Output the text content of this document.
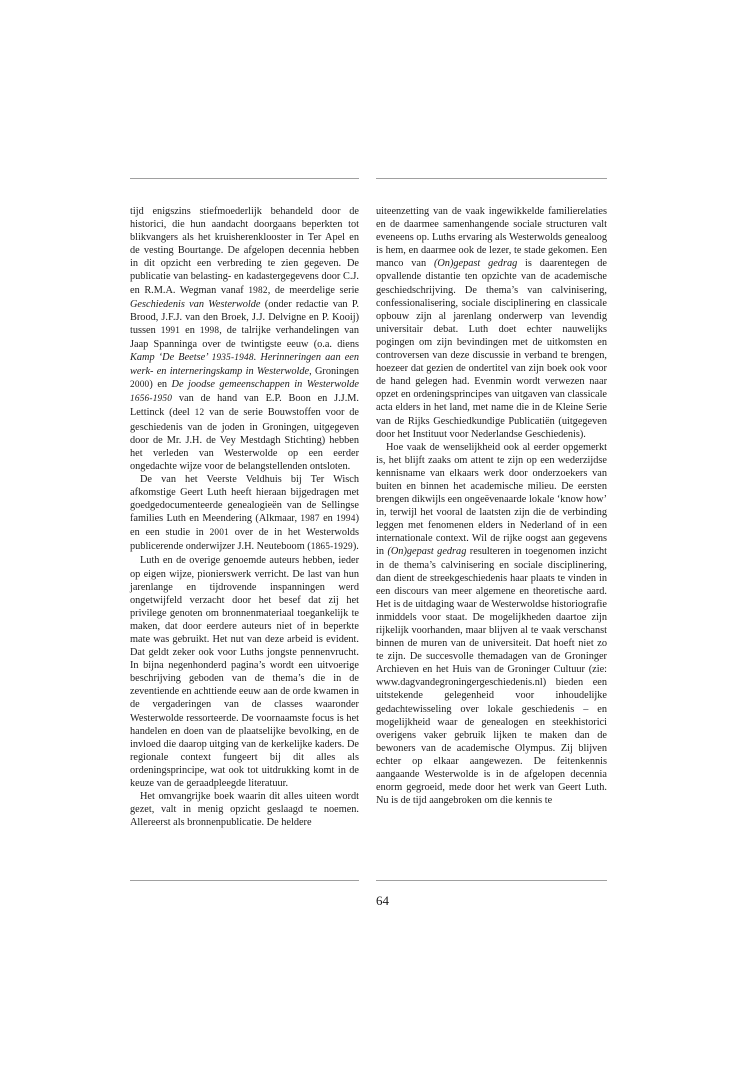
tijd enigszins stiefmoederlijk behandeld door de historici, die hun aandacht doorgaans beperkten tot blikvangers als het kruisherenklooster in Ter Apel en de vesting Bourtange. De afgelopen decennia hebben in dit opzicht een verbreding te zien gegeven. De publicatie van belasting- en kadastergegevens door C.J. en R.M.A. Wegman vanaf 1982, de meerdelige serie Geschiedenis van Westerwolde (onder redactie van P. Brood, J.F.J. van den Broek, J.J. Delvigne en P. Kooij) tussen 1991 en 1998, de talrijke verhandelingen van Jaap Spanninga over de twintigste eeuw (o.a. diens Kamp ‘De Beetse’ 1935-1948. Herinneringen aan een werk- en interneringskamp in Westerwolde, Groningen 2000) en De joodse gemeenschappen in Westerwolde 1656-1950 van de hand van E.P. Boon en J.J.M. Lettinck (deel 12 van de serie Bouwstoffen voor de geschiedenis van de joden in Groningen, uitgegeven door de Mr. J.H. de Vey Mestdagh Stichting) hebben het verleden van Westerwolde op een eerder ongedachte wijze voor de belangstellenden ontsloten.

De van het Veerste Veldhuis bij Ter Wisch afkomstige Geert Luth heeft hieraan bijgedragen met goedgedocumenteerde genealogieën van de Sellingse families Luth en Meendering (Alkmaar, 1987 en 1994) en een studie in 2001 over de in het Westerwolds publicerende onderwijzer J.H. Neuteboom (1865-1929).

Luth en de overige genoemde auteurs hebben, ieder op eigen wijze, pionierswerk verricht. De last van hun jarenlange en tijdrovende inspanningen werd ongetwijfeld verzacht door het besef dat zij het privilege genoten om bronnenmateriaal toegankelijk te maken, dat door eerdere auteurs niet of in beperkte mate was gebruikt. Het nut van deze arbeid is evident. Dat geldt zeker ook voor Luths jongste pennenvrucht. In bijna negenhonderd pagina’s wordt een uitvoerige beschrijving geboden van de thema’s die in de zeventiende en achttiende eeuw aan de orde kwamen in de vergaderingen van de classes waaronder Westerwolde ressorteerde. De voornaamste focus is het handelen en doen van de plaatselijke bevolking, en de invloed die daarop uitging van de kerkelijke kaders. De regionale context fungeert bij dit alles als ordeningsprincipe, wat ook tot uitdrukking komt in de keuze van de geraadpleegde literatuur.

Het omvangrijke boek waarin dit alles uiteen wordt gezet, valt in menig opzicht geslaagd te noemen. Allereerst als bronnenpublicatie. De heldere

uiteenzetting van de vaak ingewikkelde familierelaties en de daarmee samenhangende sociale structuren valt eveneens op. Luths ervaring als Westerwolds genealoog is hem, en daarmee ook de lezer, te stade gekomen. Een manco van (On)gepast gedrag is daarentegen de opvallende distantie ten opzichte van de academische geschiedschrijving. De thema’s van calvinisering, confessionalisering, sociale disciplinering en classicale opbouw zijn al jarenlang onderwerp van levendig universitair debat. Luth doet echter nauwelijks pogingen om zijn bevindingen met de uitkomsten en controversen van deze discussie in verband te brengen, hoezeer dat gezien de ondertitel van zijn boek ook voor de hand gelegen had. Evenmin wordt verwezen naar opzet en ordeningsprincipes van uitgaven van classicale acta elders in het land, met name die in de Kleine Serie van de Rijks Geschiedkundige Publicatiën (uitgegeven door het Instituut voor Nederlandse Geschiedenis).

Hoe vaak de wenselijkheid ook al eerder opgemerkt is, het blijft zaaks om attent te zijn op een wederzijdse kennisname van elkaars werk door onderzoekers van buiten en binnen het academische milieu. De eersten brengen dikwijls een ongeëvenaarde lokale ‘know how’ in, terwijl het vooral de laatsten zijn die de verbinding leggen met fenomenen elders in Nederland of in een internationale context. Wil de rijke oogst aan gegevens in (On)gepast gedrag resulteren in toegenomen inzicht in de thema’s calvinisering en sociale disciplinering, dan dient de streekgeschiedenis haar plaats te vinden in een discours van meer algemene en theoretische aard. Het is de uitdaging waar de Westerwoldse historiografie inmiddels voor staat. De mogelijkheden daartoe zijn rijkelijk voorhanden, maar blijven al te vaak verschanst binnen de muren van de universiteit. Dat hoeft niet zo te zijn. De succesvolle themadagen van de Groninger Archieven en het Huis van de Groninger Cultuur (zie: www.dagvandegroningergeschiedenis.nl) bieden een uitstekende gelegenheid voor inhoudelijke gedachtewisseling over lokale geschiedenis – en mogelijkheid waar de genealogen en steekhistorici overigens vaker gebruik lijken te maken dan de bewoners van de academische Olympus. Zij blijven echter op elkaar aangewezen. De feitenkennis aangaande Westerwolde is in de afgelopen decennia enorm gegroeid, mede door het werk van Geert Luth. Nu is de tijd aangebroken om die kennis te

64
